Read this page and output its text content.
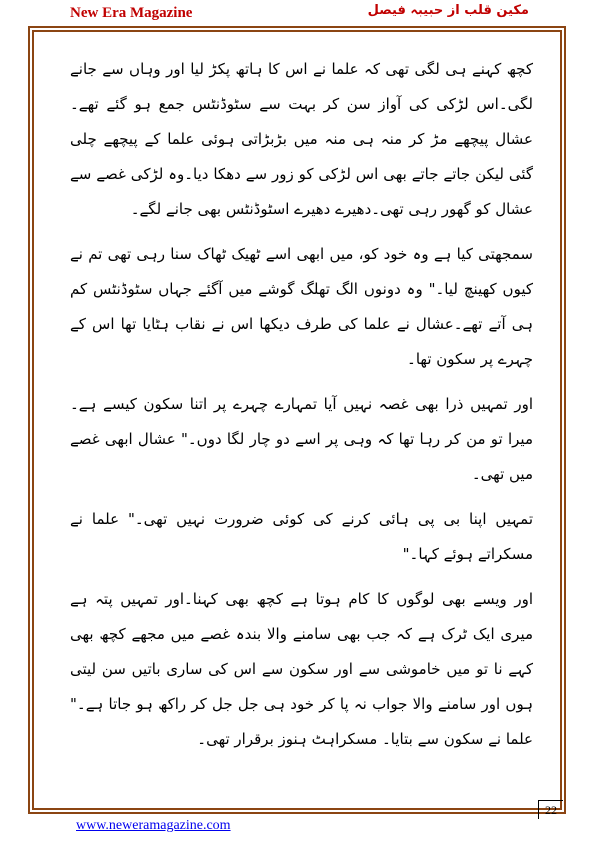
New Era Magazine	مکین قلب از حبیبہ فیصل

کچھ کہنے ہی لگی تھی کہ علما نے اس کا ہاتھ پکڑ لیا اور وہاں سے جانے لگی۔اس لڑکی کی آواز سن کر بہت سے سٹوڈنٹس جمع ہو گئے تھے۔عشال پیچھے مڑ کر منہ ہی منہ میں بڑبڑاتی ہوئی علما کے پیچھے چلی گئی لیکن جاتے جاتے بھی اس لڑکی کو زور سے دھکا دیا۔وہ لڑکی غصے سے عشال کو گھور رہی تھی۔دھیرے دھیرے اسٹوڈنٹس بھی جانے لگے۔

سمجھتی کیا ہے وہ خود کو، میں ابھی اسے ٹھیک ٹھاک سنا رہی تھی تم نے کیوں کھینچ لیا۔" وہ دونوں الگ تھلگ گوشے میں آگئے جہاں سٹوڈنٹس کم ہی آتے تھے۔عشال نے علما کی طرف دیکھا اس نے نقاب ہٹایا تھا اس کے چہرے پر سکون تھا۔

اور تمہیں ذرا بھی غصہ نہیں آیا تمہارے چہرے پر اتنا سکون کیسے ہے۔میرا تو من کر رہا تھا کہ وہی پر اسے دو چار لگا دوں۔" عشال ابھی غصے میں تھی۔

تمہیں اپنا بی پی ہائی کرنے کی کوئی ضرورت نہیں تھی۔" علما نے مسکراتے ہوئے کہا۔"

اور ویسے بھی لوگوں کا کام ہوتا ہے کچھ بھی کہنا۔اور تمہیں پتہ ہے میری ایک ٹرک ہے کہ جب بھی سامنے والا بندہ غصے میں مجھے کچھ بھی کہے نا تو میں خاموشی سے اور سکون سے اس کی ساری باتیں سن لیتی ہوں اور سامنے والا جواب نہ پا کر خود ہی جل جل کر راکھ ہو جاتا ہے۔" علما نے سکون سے بتایا۔ مسکراہٹ ہنوز برقرار تھی۔

22
www.neweramagazine.com
